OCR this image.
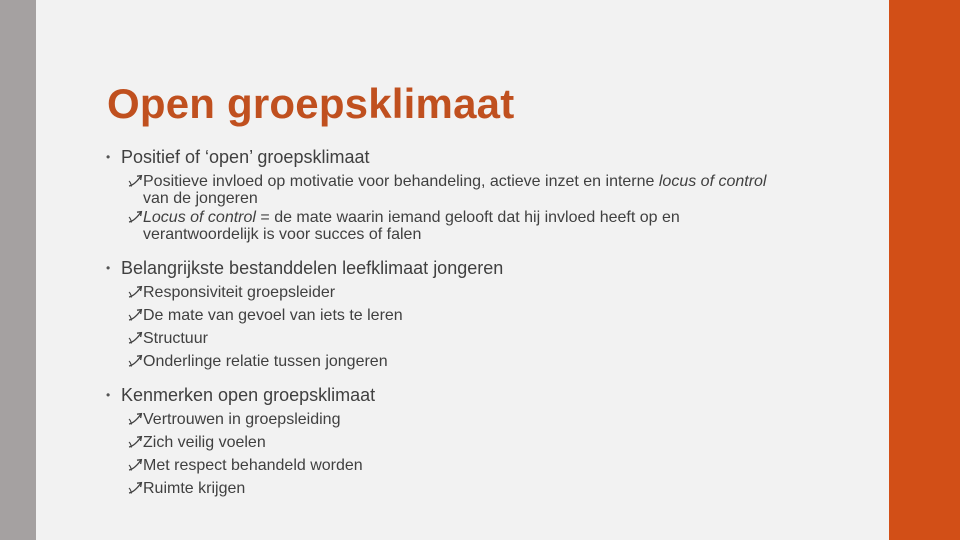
Open groepsklimaat

• Positief of ‘open’ groepsklimaat

Positieve invloed op motivatie voor behandeling, actieve inzet en interne locus of control van de jongeren
Locus of control = de mate waarin iemand gelooft dat hij invloed heeft op en verantwoordelijk is voor succes of falen

• Belangrijkste bestanddelen leefklimaat jongeren

Responsiviteit groepsleider
De mate van gevoel van iets te leren
Structuur
Onderlinge relatie tussen jongeren

• Kenmerken open groepsklimaat

Vertrouwen in groepsleiding
Zich veilig voelen
Met respect behandeld worden
Ruimte krijgen
